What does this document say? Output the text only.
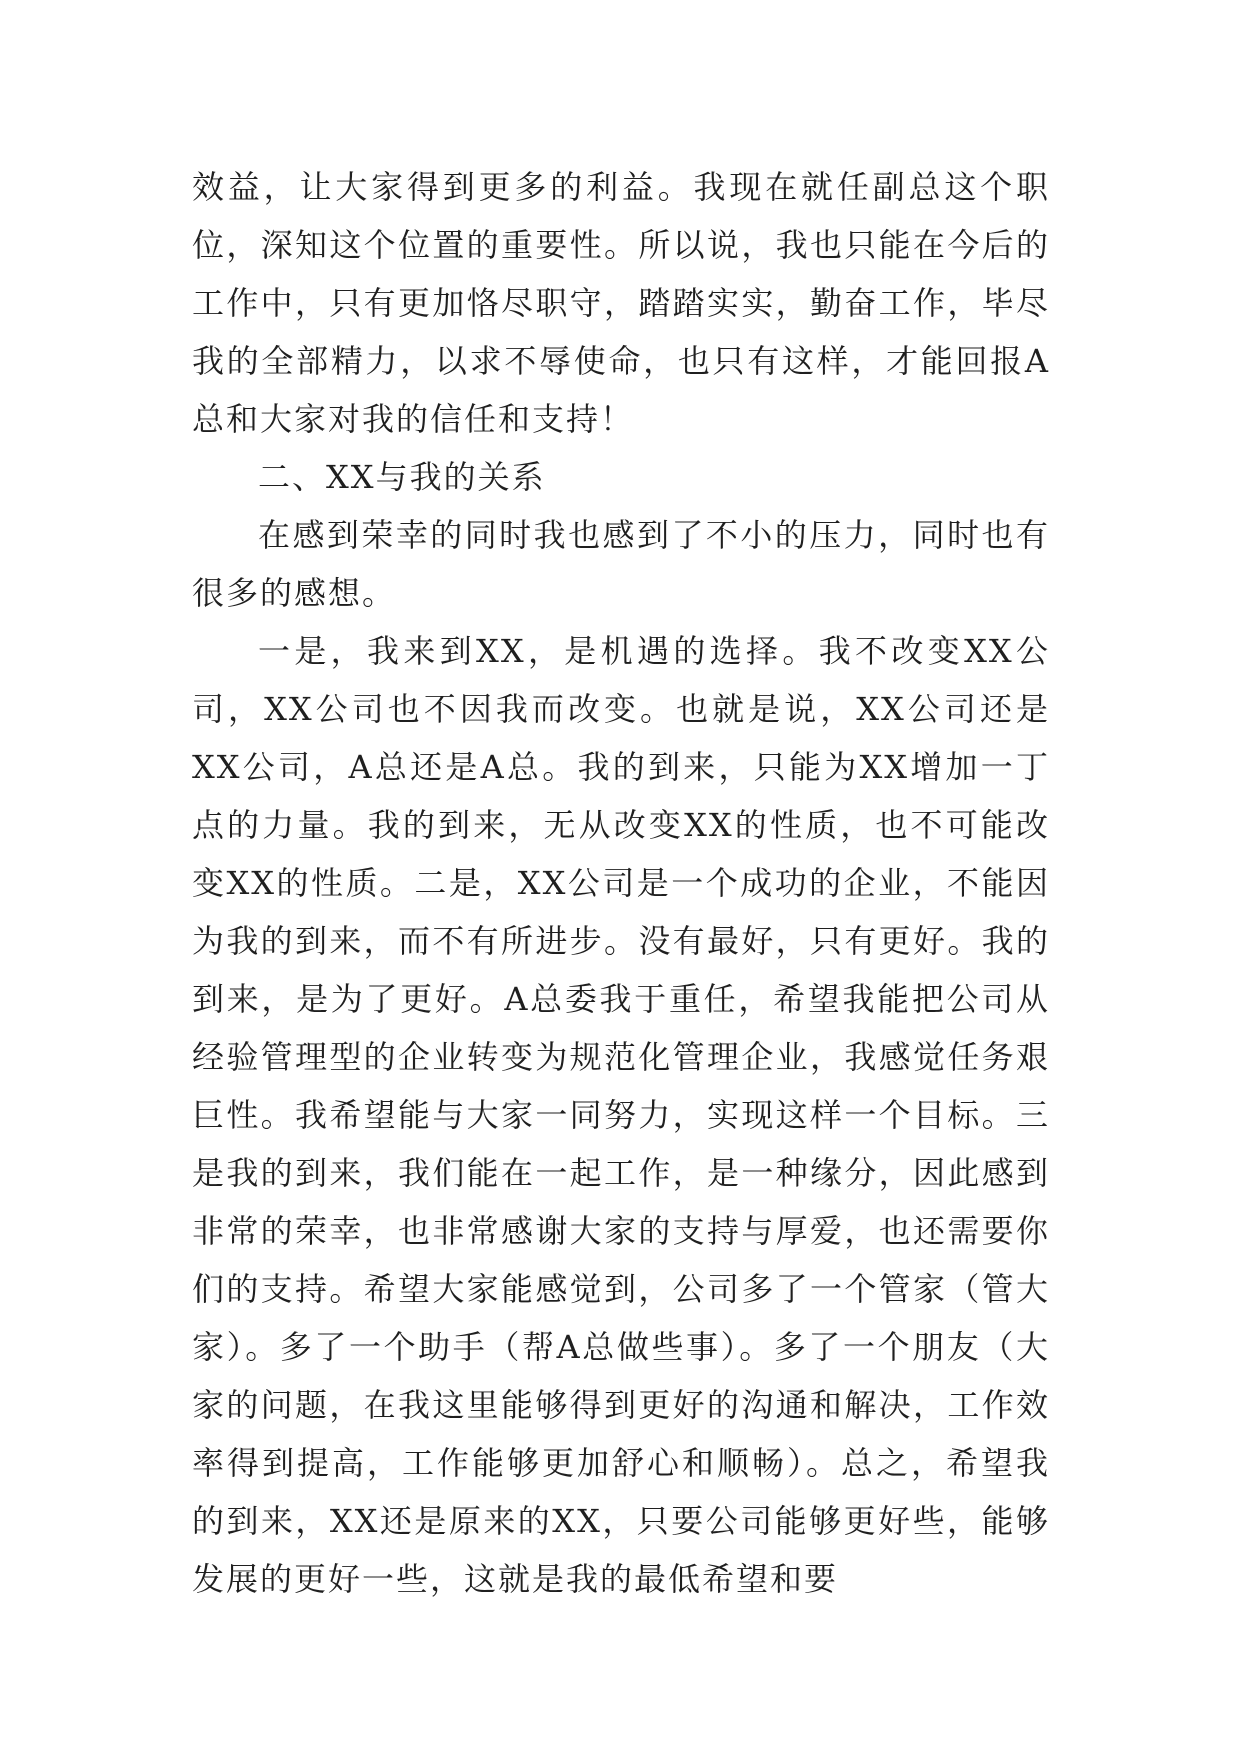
效益，让大家得到更多的利益。我现在就任副总这个职位，深知这个位置的重要性。所以说，我也只能在今后的工作中，只有更加恪尽职守，踏踏实实，勤奋工作，毕尽我的全部精力，以求不辱使命，也只有这样，才能回报A总和大家对我的信任和支持！

二、XX与我的关系

在感到荣幸的同时我也感到了不小的压力，同时也有很多的感想。

一是，我来到XX，是机遇的选择。我不改变XX公司，XX公司也不因我而改变。也就是说，XX公司还是XX公司，A总还是A总。我的到来，只能为XX增加一丁点的力量。我的到来，无从改变XX的性质，也不可能改变XX的性质。二是，XX公司是一个成功的企业，不能因为我的到来，而不有所进步。没有最好，只有更好。我的到来，是为了更好。A总委我于重任，希望我能把公司从经验管理型的企业转变为规范化管理企业，我感觉任务艰巨性。我希望能与大家一同努力，实现这样一个目标。三是我的到来，我们能在一起工作，是一种缘分，因此感到非常的荣幸，也非常感谢大家的支持与厚爱，也还需要你们的支持。希望大家能感觉到，公司多了一个管家（管大家）。多了一个助手（帮A总做些事）。多了一个朋友（大家的问题，在我这里能够得到更好的沟通和解决，工作效率得到提高，工作能够更加舒心和顺畅）。总之，希望我的到来，XX还是原来的XX，只要公司能够更好些，能够发展的更好一些，这就是我的最低希望和要
